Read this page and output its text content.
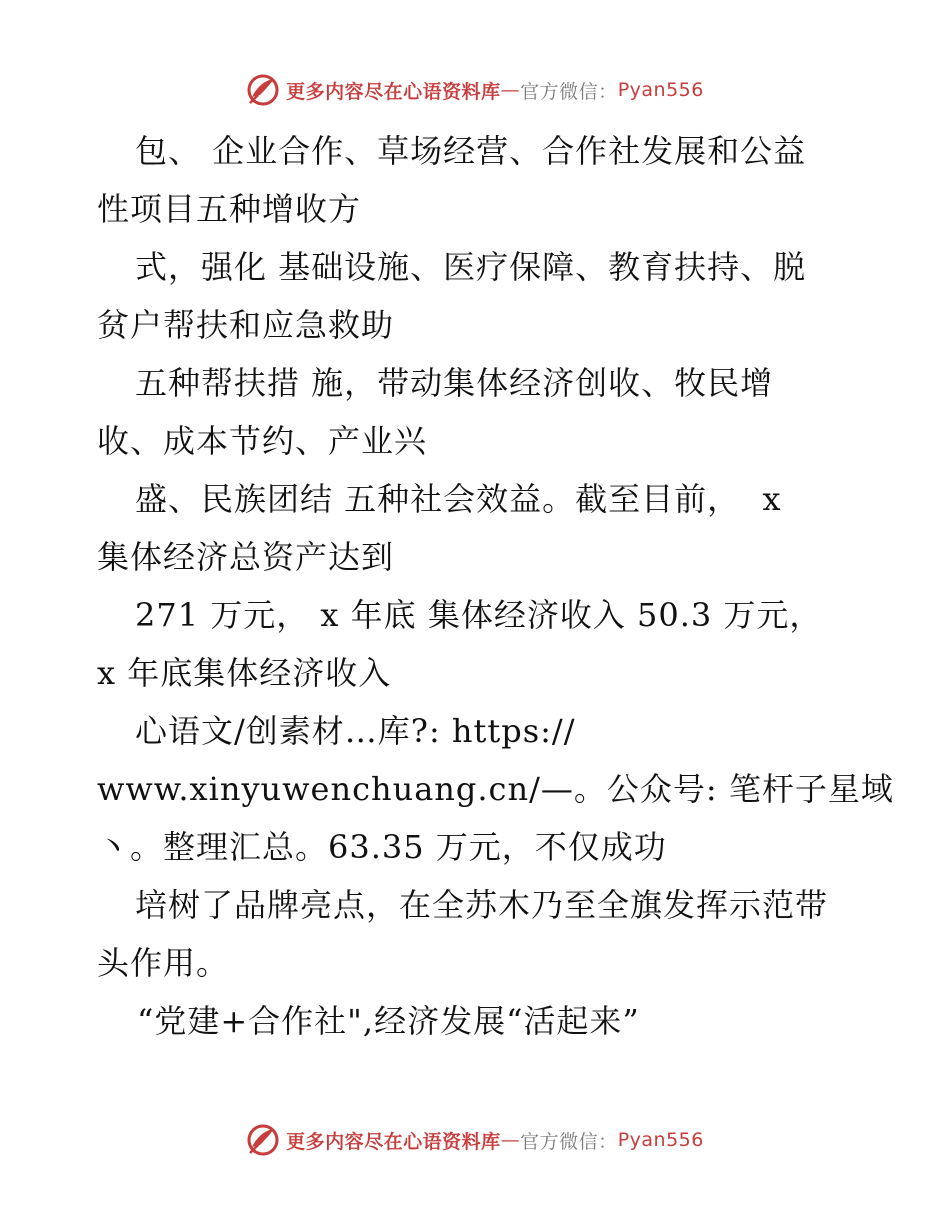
更多内容尽在心语资料库 — 官方微信： Pyan556
包、 企业合作、草场经营、合作社发展和公益
性项目五种增收方
式，强化 基础设施、医疗保障、教育扶持、脱
贫户帮扶和应急救助
五种帮扶措 施，带动集体经济创收、牧民增
收、成本节约、产业兴
盛、民族团结 五种社会效益。截至目前，  x
集体经济总资产达到
271 万元， x 年底 集体经济收入 50.3 万元，
x 年底集体经济收入
心语文/创素材…库?: https://
www.xinyuwenchuang.cn/—。公众号: 笔杆子星域
丶。整理汇总。63.35 万元，不仅成功
培树了品牌亮点，在全苏木乃至全旗发挥示范带
头作用。
“党建+合作社",经济发展“活起来”
更多内容尽在心语资料库 — 官方微信： Pyan556
